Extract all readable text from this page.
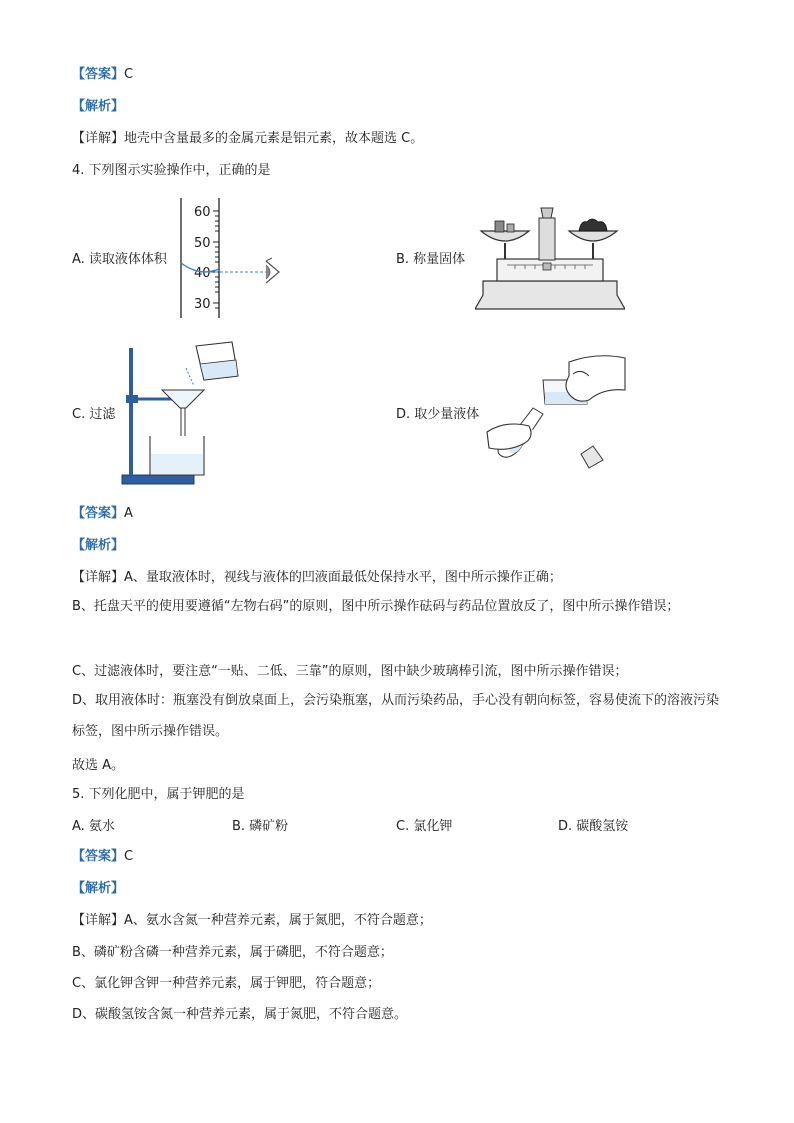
【答案】C
【解析】
【详解】地壳中含量最多的金属元素是铝元素，故本题选 C。
4. 下列图示实验操作中，正确的是
A. 读取液体体积	B. 称量固体
C. 过滤	D. 取少量液体
60
50
40
30
【答案】A
【解析】
【详解】A、量取液体时，视线与液体的凹液面最低处保持水平，图中所示操作正确；
B、托盘天平的使用要遵循“左物右码”的原则，图中所示操作砝码与药品位置放反了，图中所示操作错误；
C、过滤液体时，要注意“一贴、二低、三靠”的原则，图中缺少玻璃棒引流，图中所示操作错误；
D、取用液体时：瓶塞没有倒放桌面上，会污染瓶塞，从而污染药品，手心没有朝向标签，容易使流下的溶液污染标签，图中所示操作错误。
故选 A。
5. 下列化肥中，属于钾肥的是
A. 氨水	B. 磷矿粉	C. 氯化钾	D. 碳酸氢铵
【答案】C
【解析】
【详解】A、氨水含氮一种营养元素，属于氮肥，不符合题意；
B、磷矿粉含磷一种营养元素，属于磷肥，不符合题意；
C、氯化钾含钾一种营养元素，属于钾肥，符合题意；
D、碳酸氢铵含氮一种营养元素，属于氮肥，不符合题意。
